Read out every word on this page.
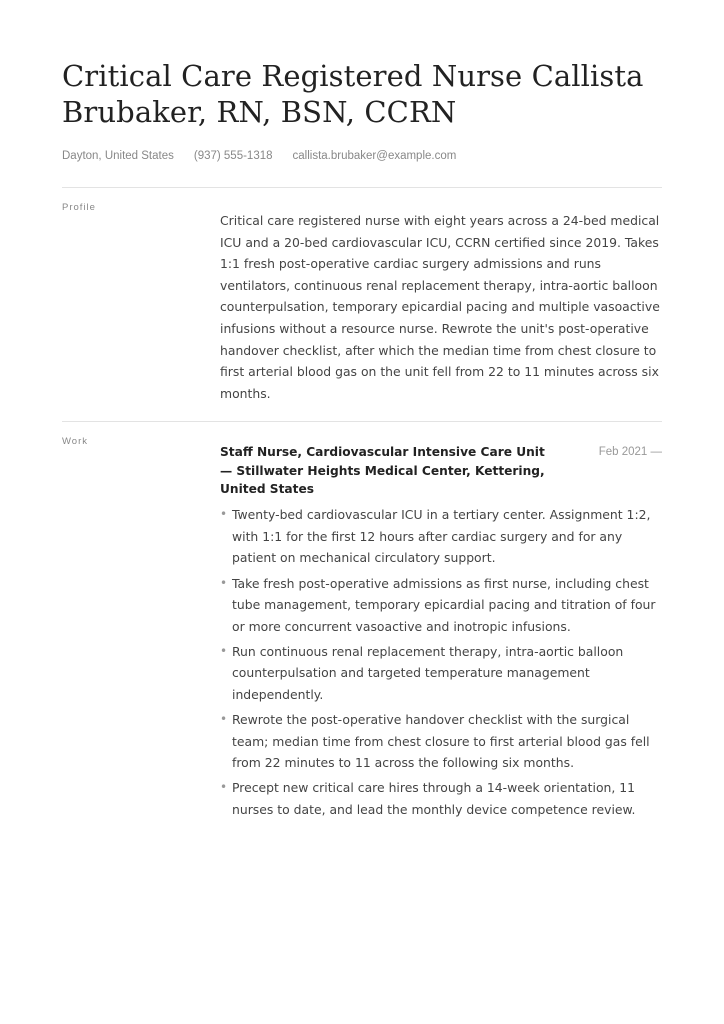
Critical Care Registered Nurse Callista Brubaker, RN, BSN, CCRN
Dayton, United States (937) 555-1318 callista.brubaker@example.com
Profile

Critical care registered nurse with eight years across a 24-bed medical ICU and a 20-bed cardiovascular ICU, CCRN certified since 2019. Takes 1:1 fresh post-operative cardiac surgery admissions and runs ventilators, continuous renal replacement therapy, intra-aortic balloon counterpulsation, temporary epicardial pacing and multiple vasoactive infusions without a resource nurse. Rewrote the unit's post-operative handover checklist, after which the median time from chest closure to first arterial blood gas on the unit fell from 22 to 11 minutes across six months.

Work
Staff Nurse, Cardiovascular Intensive Care Unit — Stillwater Heights Medical Center, Kettering, United States
Feb 2021 —
• Twenty-bed cardiovascular ICU in a tertiary center. Assignment 1:2, with 1:1 for the first 12 hours after cardiac surgery and for any patient on mechanical circulatory support.
• Take fresh post-operative admissions as first nurse, including chest tube management, temporary epicardial pacing and titration of four or more concurrent vasoactive and inotropic infusions.
• Run continuous renal replacement therapy, intra-aortic balloon counterpulsation and targeted temperature management independently.
• Rewrote the post-operative handover checklist with the surgical team; median time from chest closure to first arterial blood gas fell from 22 minutes to 11 across the following six months.
• Precept new critical care hires through a 14-week orientation, 11 nurses to date, and lead the monthly device competence review.
